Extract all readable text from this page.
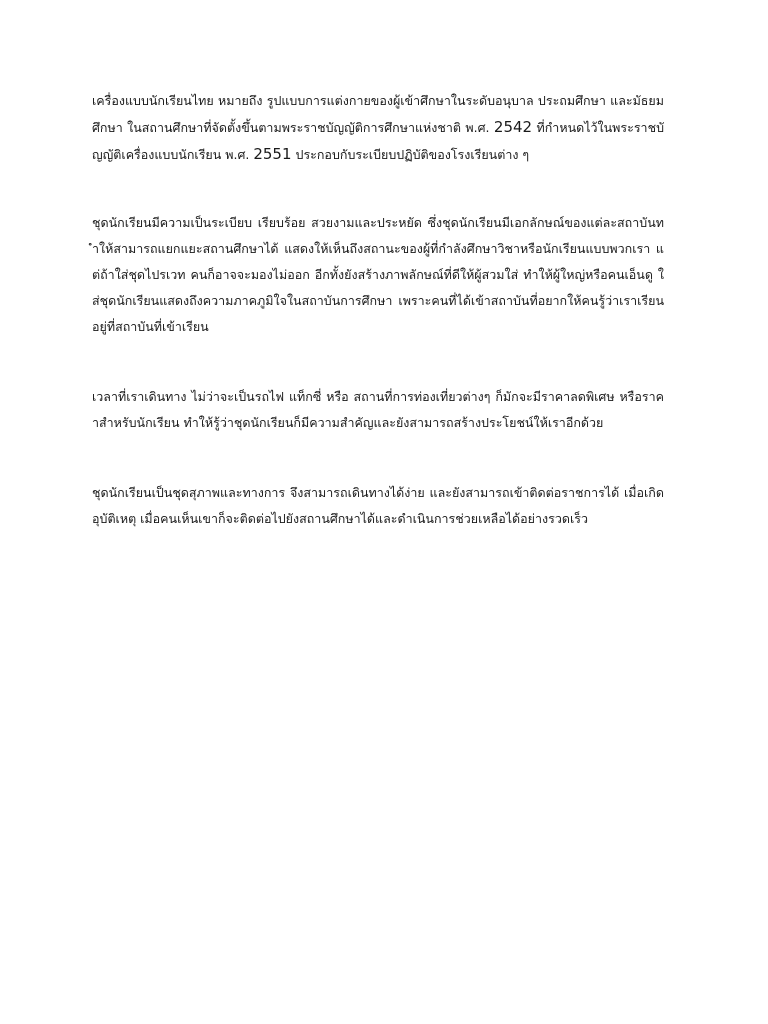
เครื่องแบบนักเรียนไทย หมายถึง รูปแบบการแต่งกายของผู้เข้าศึกษาในระดับอนุบาล ประถมศึกษา และมัธยมศึกษา ในสถานศึกษาที่จัดตั้งขึ้นตามพระราชบัญญัติการศึกษาแห่งชาติ พ.ศ. 2542 ที่กำหนดไว้ในพระราชบัญญัติเครื่องแบบนักเรียน พ.ศ. 2551 ประกอบกับระเบียบปฏิบัติของโรงเรียนต่าง ๆ

ชุดนักเรียนมีความเป็นระเบียบ เรียบร้อย สวยงามและประหยัด ซึ่งชุดนักเรียนมีเอกลักษณ์ของแต่ละสถาบันทำให้สามารถแยกแยะสถานศึกษาได้ แสดงให้เห็นถึงสถานะของผู้ที่กำลังศึกษาวิชาหรือนักเรียนแบบพวกเรา แต่ถ้าใส่ชุดไปรเวท คนก็อาจจะมองไม่ออก อีกทั้งยังสร้างภาพลักษณ์ที่ดีให้ผู้สวมใส่ ทำให้ผู้ใหญ่หรือคนเอ็นดู ใส่ชุดนักเรียนแสดงถึงความภาคภูมิใจในสถาบันการศึกษา เพราะคนที่ได้เข้าสถาบันที่อยากให้คนรู้ว่าเราเรียนอยู่ที่สถาบันที่เข้าเรียน

เวลาที่เราเดินทาง ไม่ว่าจะเป็นรถไฟ แท็กซี่ หรือ สถานที่การท่องเที่ยวต่างๆ ก็มักจะมีราคาลดพิเศษ หรือราคาสำหรับนักเรียน ทำให้รู้ว่าชุดนักเรียนก็มีความสำคัญและยังสามารถสร้างประโยชน์ให้เราอีกด้วย

ชุดนักเรียนเป็นชุดสุภาพและทางการ จึงสามารถเดินทางได้ง่าย และยังสามารถเข้าติดต่อราชการได้ เมื่อเกิดอุบัติเหตุ เมื่อคนเห็นเขาก็จะติดต่อไปยังสถานศึกษาได้และดำเนินการช่วยเหลือได้อย่างรวดเร็ว
